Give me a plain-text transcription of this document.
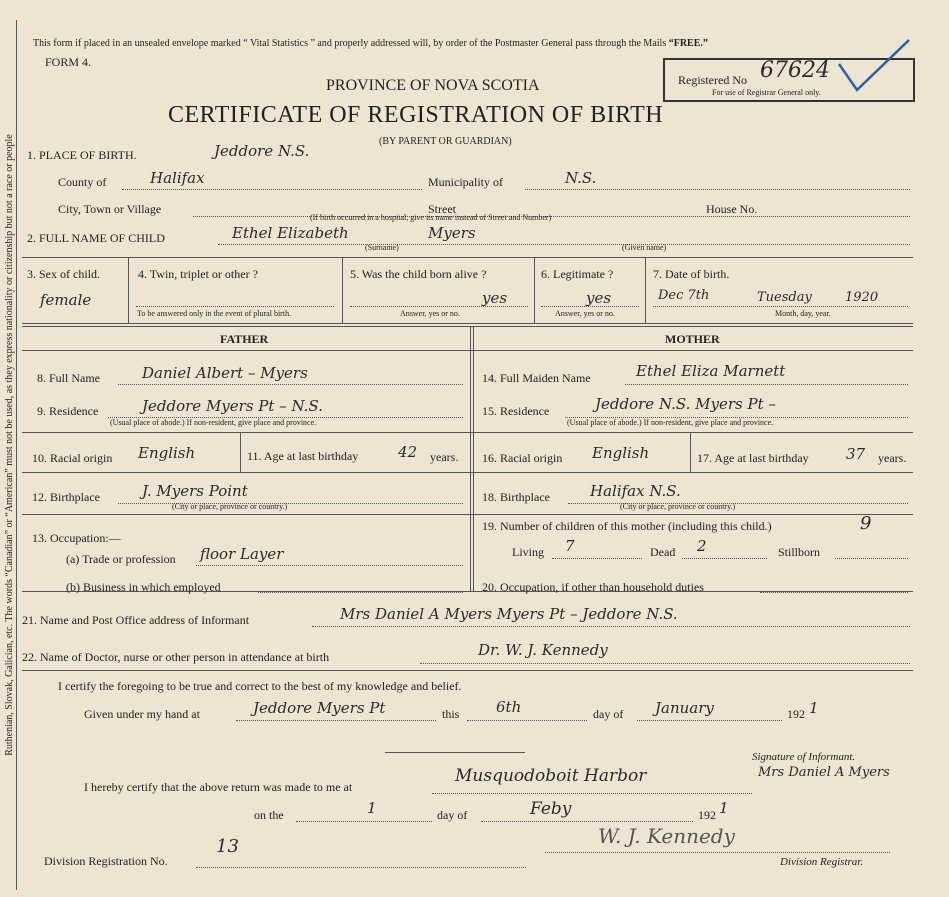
Ruthenian, Slovak, Galician, etc. The words “Canadian” or “American” must not be used, as they express nationality or citizenship but not a race or people
This form if placed in an unsealed envelope marked “ Vital Statistics ” and properly addressed will, by order of the Postmaster General pass through the Mails “FREE.”
FORM 4.
PROVINCE OF NOVA SCOTIA
CERTIFICATE OF REGISTRATION OF BIRTH
(BY PARENT OR GUARDIAN)
Registered No 67624
For use of Registrar General only.
1. PLACE OF BIRTH.	Jeddore N.S.
County of	Halifax	Municipality of	N.S.
City, Town or Village	Street	House No.
(If birth occurred in a hospital, give its name instead of Street and Number)
2. FULL NAME OF CHILD	Ethel Elizabeth	Myers
(Surname)	(Given name)
3. Sex of child.
female
4. Twin, triplet or other ?
To be answered only in the event of plural birth.
5. Was the child born alive ?
yes
Answer, yes or no.
6. Legitimate ?
yes
Answer, yes or no.
7. Date of birth.
Dec 7th	Tuesday	1920
Month, day, year.
FATHER	MOTHER
8. Full Name	Daniel Albert – Myers	14. Full Maiden Name	Ethel Eliza Marnett
9. Residence	Jeddore Myers Pt – N.S.
(Usual place of abode.) If non-resident, give place and province.
15. Residence	Jeddore N.S. Myers Pt –
(Usual place of abode.) If non-resident, give place and province.
10. Racial origin English	11. Age at last birthday	42 years. 16. Racial origin English	17. Age at last birthday 37 years.
12. Birthplace	J. Myers Point
(City or place, province or country.)
18. Birthplace	Halifax N.S.
(City or place, province or country.)
13. Occupation:—
(a) Trade or profession floor Layer
(b) Business in which employed
19. Number of children of this mother (including this child.)	9
Living 7	Dead 2	Stillborn
20. Occupation, if other than household duties
21. Name and Post Office address of Informant	Mrs Daniel A Myers Myers Pt – Jeddore N.S.
22. Name of Doctor, nurse or other person in attendance at birth	Dr. W. J. Kennedy
I certify the foregoing to be true and correct to the best of my knowledge and belief.
Given under my hand at	Jeddore Myers Pt	this 6th	day of January	192 1
Signature of Informant.
Mrs Daniel A Myers
I hereby certify that the above return was made to me at
Musquodoboit Harbor
on the	1	day of	Feby	192 1
Division Registration No.
13	W. J. Kennedy
Division Registrar.
